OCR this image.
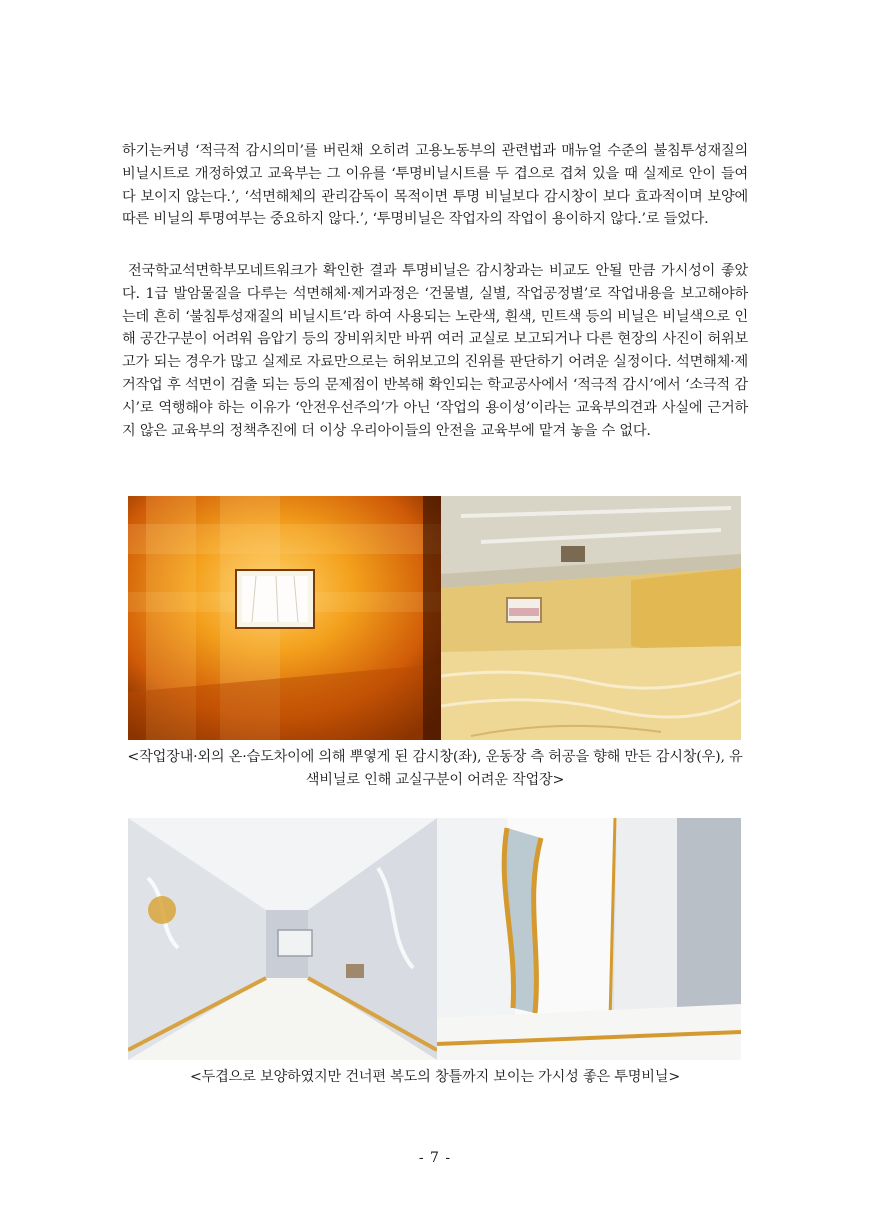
하기는커녕 ‘적극적 감시의미’를 버린채 오히려 고용노동부의 관련법과 매뉴얼 수준의 불침투성재질의 비닐시트로 개정하였고 교육부는 그 이유를 ‘투명비닐시트를 두 겹으로 겹쳐 있을 때 실제로 안이 들여다 보이지 않는다.’, ‘석면해체의 관리감독이 목적이면 투명 비닐보다 감시창이 보다 효과적이며 보양에 따른 비닐의 투명여부는 중요하지 않다.’, ‘투명비닐은 작업자의 작업이 용이하지 않다.’로 들었다.

전국학교석면학부모네트워크가 확인한 결과 투명비닐은 감시창과는 비교도 안될 만큼 가시성이 좋았다. 1급 발암물질을 다루는 석면해체·제거과정은 ‘건물별, 실별, 작업공정별’로 작업내용을 보고해야하는데 흔히 ‘불침투성재질의 비닐시트’라 하여 사용되는 노란색, 흰색, 민트색 등의 비닐은 비닐색으로 인해 공간구분이 어려워 음압기 등의 장비위치만 바뀌 여러 교실로 보고되거나 다른 현장의 사진이 허위보고가 되는 경우가 많고 실제로 자료만으로는 허위보고의 진위를 판단하기 어려운 실정이다. 석면해체·제거작업 후 석면이 검출 되는 등의 문제점이 반복해 확인되는 학교공사에서 ‘적극적 감시’에서 ‘소극적 감시’로 역행해야 하는 이유가 ‘안전우선주의’가 아닌 ‘작업의 용이성’이라는 교육부의견과 사실에 근거하지 않은 교육부의 정책추진에 더 이상 우리아이들의 안전을 교육부에 맡겨 놓을 수 없다.

<작업장내·외의 온·습도차이에 의해 뿌옇게 된 감시창(좌), 운동장 측 허공을 향해 만든 감시창(우), 유색비닐로 인해 교실구분이 어려운 작업장>

<두겹으로 보양하였지만 건너편 복도의 창틀까지 보이는 가시성 좋은 투명비닐>

- 7 -
